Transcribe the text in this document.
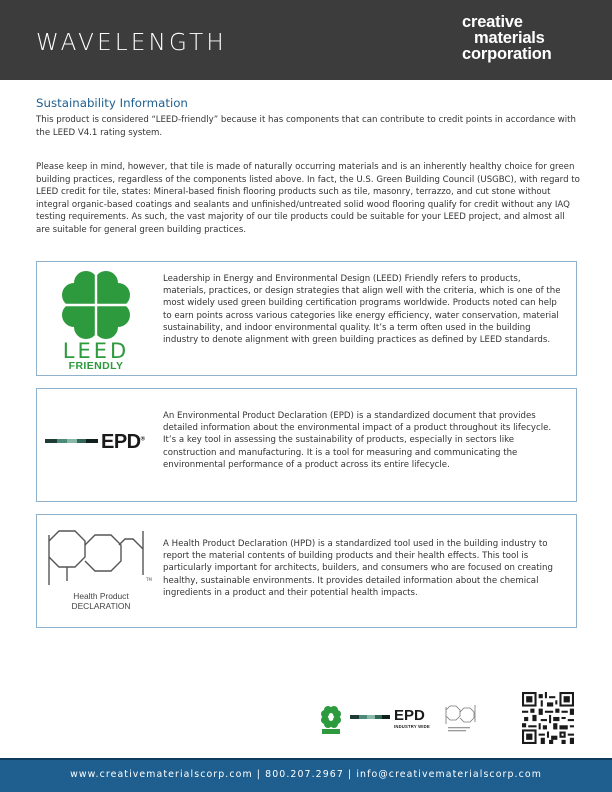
WAVELENGTH
creative
materials
corporation
Sustainability Information

This product is considered “LEED-friendly” because it has components that can contribute to credit points in accordance with the LEED V4.1 rating system.

Please keep in mind, however, that tile is made of naturally occurring materials and is an inherently healthy choice for green building practices, regardless of the components listed above. In fact, the U.S. Green Building Council (USGBC), with regard to LEED credit for tile, states: Mineral-based finish flooring products such as tile, masonry, terrazzo, and cut stone without integral organic-based coatings and sealants and unfinished/untreated solid wood flooring qualify for credit without any IAQ testing requirements. As such, the vast majority of our tile products could be suitable for your LEED project, and almost all are suitable for general green building practices.

LEED
FRIENDLY

Leadership in Energy and Environmental Design (LEED) Friendly refers to products, materials, practices, or design strategies that align well with the criteria, which is one of the most widely used green building certification programs worldwide. Products noted can help to earn points across various categories like energy efficiency, water conservation, material sustainability, and indoor environmental quality. It’s a term often used in the building industry to denote alignment with green building practices as defined by LEED standards.

EPD®

An Environmental Product Declaration (EPD) is a standardized document that provides detailed information about the environmental impact of a product throughout its lifecycle. It’s a key tool in assessing the sustainability of products, especially in sectors like construction and manufacturing. It is a tool for measuring and communicating the environmental performance of a product across its entire lifecycle.

TM
Health Product
DECLARATION

A Health Product Declaration (HPD) is a standardized tool used in the building industry to report the material contents of building products and their health effects. This tool is particularly important for architects, builders, and consumers who are focused on creating healthy, sustainable environments. It provides detailed information about the chemical ingredients in a product and their potential health impacts.

EPD
INDUSTRY WIDE
www.creativematerialscorp.com | 800.207.2967 | info@creativematerialscorp.com
